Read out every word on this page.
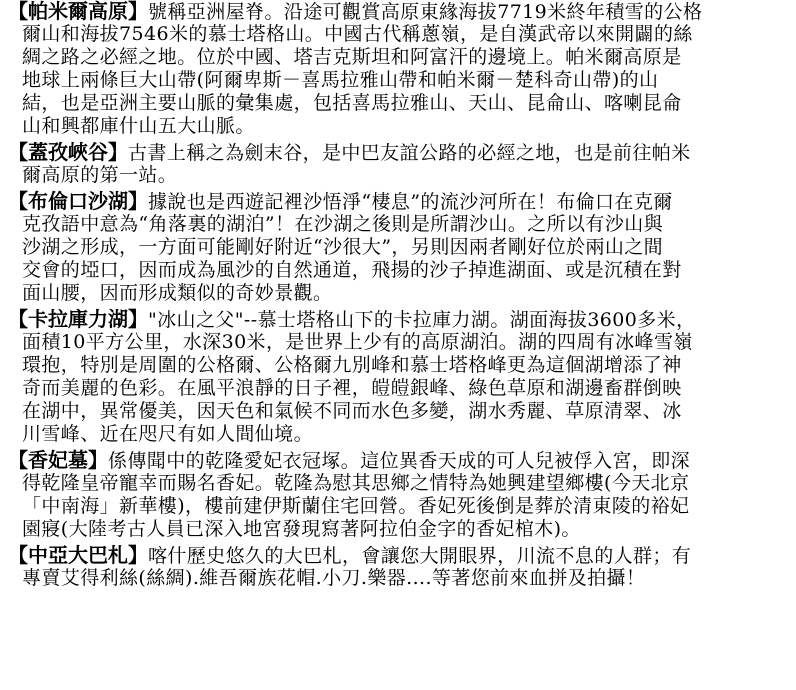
【帕米爾高原】號稱亞洲屋脊。沿途可觀賞高原東緣海拔7719米終年積雪的公格
爾山和海拔7546米的慕士塔格山。中國古代稱蔥嶺，是自漢武帝以來開闢的絲
綢之路之必經之地。位於中國、塔吉克斯坦和阿富汗的邊境上。帕米爾高原是
地球上兩條巨大山帶(阿爾卑斯－喜馬拉雅山帶和帕米爾－楚科奇山帶)的山
結，也是亞洲主要山脈的彙集處，包括喜馬拉雅山、天山、昆侖山、喀喇昆侖
山和興都庫什山五大山脈。
【蓋孜峽谷】古書上稱之為劍末谷，是中巴友誼公路的必經之地，也是前往帕米
爾高原的第一站。
【布倫口沙湖】據說也是西遊記裡沙悟淨“棲息”的流沙河所在！布倫口在克爾
克孜語中意為“角落裏的湖泊”！在沙湖之後則是所謂沙山。之所以有沙山與
沙湖之形成，一方面可能剛好附近“沙很大”，另則因兩者剛好位於兩山之間
交會的埡口，因而成為風沙的自然通道，飛揚的沙子掉進湖面、或是沉積在對
面山腰，因而形成類似的奇妙景觀。
【卡拉庫力湖】"冰山之父"--慕士塔格山下的卡拉庫力湖。湖面海拔3600多米，
面積10平方公里，水深30米，是世界上少有的高原湖泊。湖的四周有冰峰雪嶺
環抱，特別是周圍的公格爾、公格爾九別峰和慕士塔格峰更為這個湖增添了神
奇而美麗的色彩。在風平浪靜的日子裡，皚皚銀峰、綠色草原和湖邊畜群倒映
在湖中，異常優美，因天色和氣候不同而水色多變，湖水秀麗、草原清翠、冰
川雪峰、近在咫尺有如人間仙境。
【香妃墓】係傳聞中的乾隆愛妃衣冠塚。這位異香天成的可人兒被俘入宮，即深
得乾隆皇帝寵幸而賜名香妃。乾隆為慰其思鄉之情特為她興建望鄉樓(今天北京
「中南海」新華樓)，樓前建伊斯蘭住宅回營。香妃死後倒是葬於清東陵的裕妃
園寢(大陸考古人員已深入地宮發現寫著阿拉伯金字的香妃棺木)。
【中亞大巴札】喀什歷史悠久的大巴札，會讓您大開眼界，川流不息的人群；有
專賣艾得利絲(絲綢).維吾爾族花帽.小刀.樂器....等著您前來血拼及拍攝！
